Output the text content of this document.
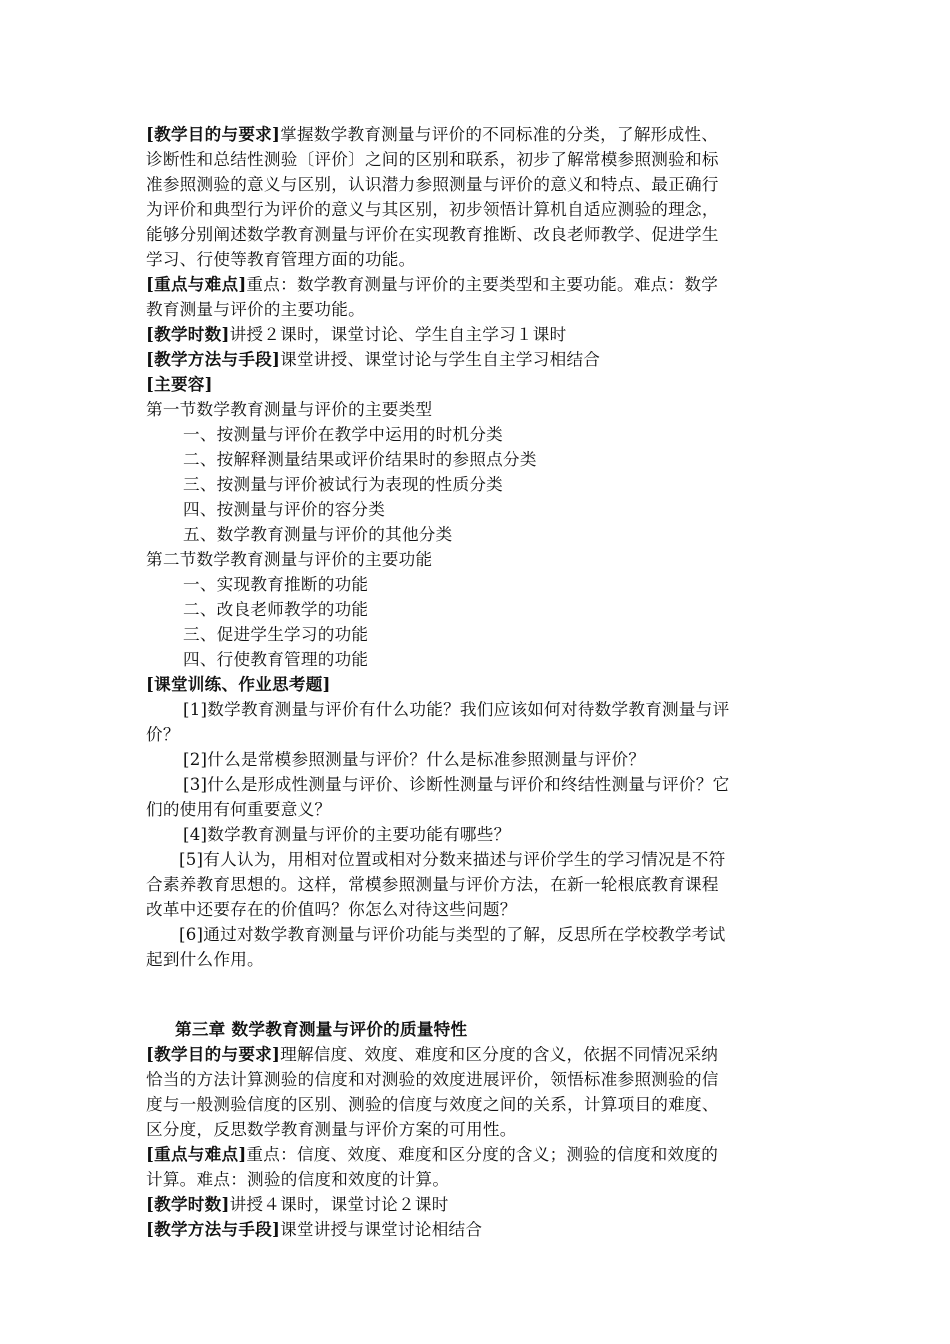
[教学目的与要求]掌握数学教育测量与评价的不同标准的分类，了解形成性、
诊断性和总结性测验〔评价〕之间的区别和联系，初步了解常模参照测验和标
准参照测验的意义与区别，认识潜力参照测量与评价的意义和特点、最正确行
为评价和典型行为评价的意义与其区别，初步领悟计算机自适应测验的理念，
能够分别阐述数学教育测量与评价在实现教育推断、改良老师教学、促进学生
学习、行使等教育管理方面的功能。
[重点与难点]重点：数学教育测量与评价的主要类型和主要功能。难点：数学
教育测量与评价的主要功能。
[教学时数]讲授２课时，课堂讨论、学生自主学习１课时
[教学方法与手段]课堂讲授、课堂讨论与学生自主学习相结合
[主要容]
第一节数学教育测量与评价的主要类型
一、按测量与评价在教学中运用的时机分类
二、按解释测量结果或评价结果时的参照点分类
三、按测量与评价被试行为表现的性质分类
四、按测量与评价的容分类
五、数学教育测量与评价的其他分类
第二节数学教育测量与评价的主要功能
一、实现教育推断的功能
二、改良老师教学的功能
三、促进学生学习的功能
四、行使教育管理的功能
[课堂训练、作业思考题]
[1]数学教育测量与评价有什么功能？我们应该如何对待数学教育测量与评
价？
[2]什么是常模参照测量与评价？什么是标准参照测量与评价？
[3]什么是形成性测量与评价、诊断性测量与评价和终结性测量与评价？它
们的使用有何重要意义？
[4]数学教育测量与评价的主要功能有哪些？
[5]有人认为，用相对位置或相对分数来描述与评价学生的学习情况是不符
合素养教育思想的。这样，常模参照测量与评价方法，在新一轮根底教育课程
改革中还要存在的价值吗？你怎么对待这些问题？
[6]通过对数学教育测量与评价功能与类型的了解，反思所在学校教学考试
起到什么作用。
第三章 数学教育测量与评价的质量特性
[教学目的与要求]理解信度、效度、难度和区分度的含义，依据不同情况采纳
恰当的方法计算测验的信度和对测验的效度进展评价，领悟标准参照测验的信
度与一般测验信度的区别、测验的信度与效度之间的关系，计算项目的难度、
区分度，反思数学教育测量与评价方案的可用性。
[重点与难点]重点：信度、效度、难度和区分度的含义；测验的信度和效度的
计算。难点：测验的信度和效度的计算。
[教学时数]讲授４课时，课堂讨论２课时
[教学方法与手段]课堂讲授与课堂讨论相结合
